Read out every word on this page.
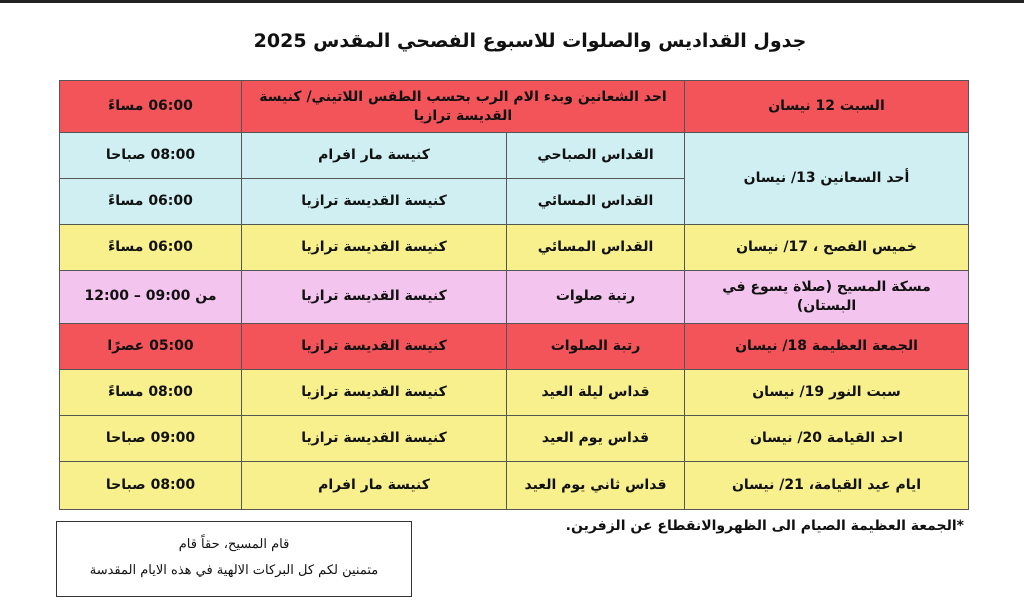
جدول القداديس والصلوات للاسبوع الفصحي المقدس 2025
السبت 12 نيسان	احد الشعانين وبدء الام الرب بحسب الطقس اللاتيني/ كنيسة القديسة ترازيا		06:00 مساءً
أحد السعانين 13/ نيسان	القداس الصباحي	كنيسة مار افرام	08:00 صباحا
	القداس المسائي	كنيسة القديسة ترازيا	06:00 مساءً
خميس الفصح ، 17/ نيسان	القداس المسائي	كنيسة القديسة ترازيا	06:00 مساءً
مسكة المسيح (صلاة يسوع في البستان)	رتبة صلوات	كنيسة القديسة ترازيا	من 09:00 – 12:00
الجمعة العظيمة 18/ نيسان	رتبة الصلوات	كنيسة القديسة ترازيا	05:00 عصرًا
سبت النور 19/ نيسان	قداس ليلة العيد	كنيسة القديسة ترازيا	08:00 مساءً
احد القيامة 20/ نيسان	قداس يوم العيد	كنيسة القديسة ترازيا	09:00 صباحا
ايام عيد القيامة، 21/ نيسان	قداس ثاني يوم العيد	كنيسة مار افرام	08:00 صباحا
*الجمعة العظيمة الصيام الى الظهروالانقطاع عن الزفرين.
قام المسيح، حقاً قام
متمنين لكم كل البركات الالهية في هذه الايام المقدسة
